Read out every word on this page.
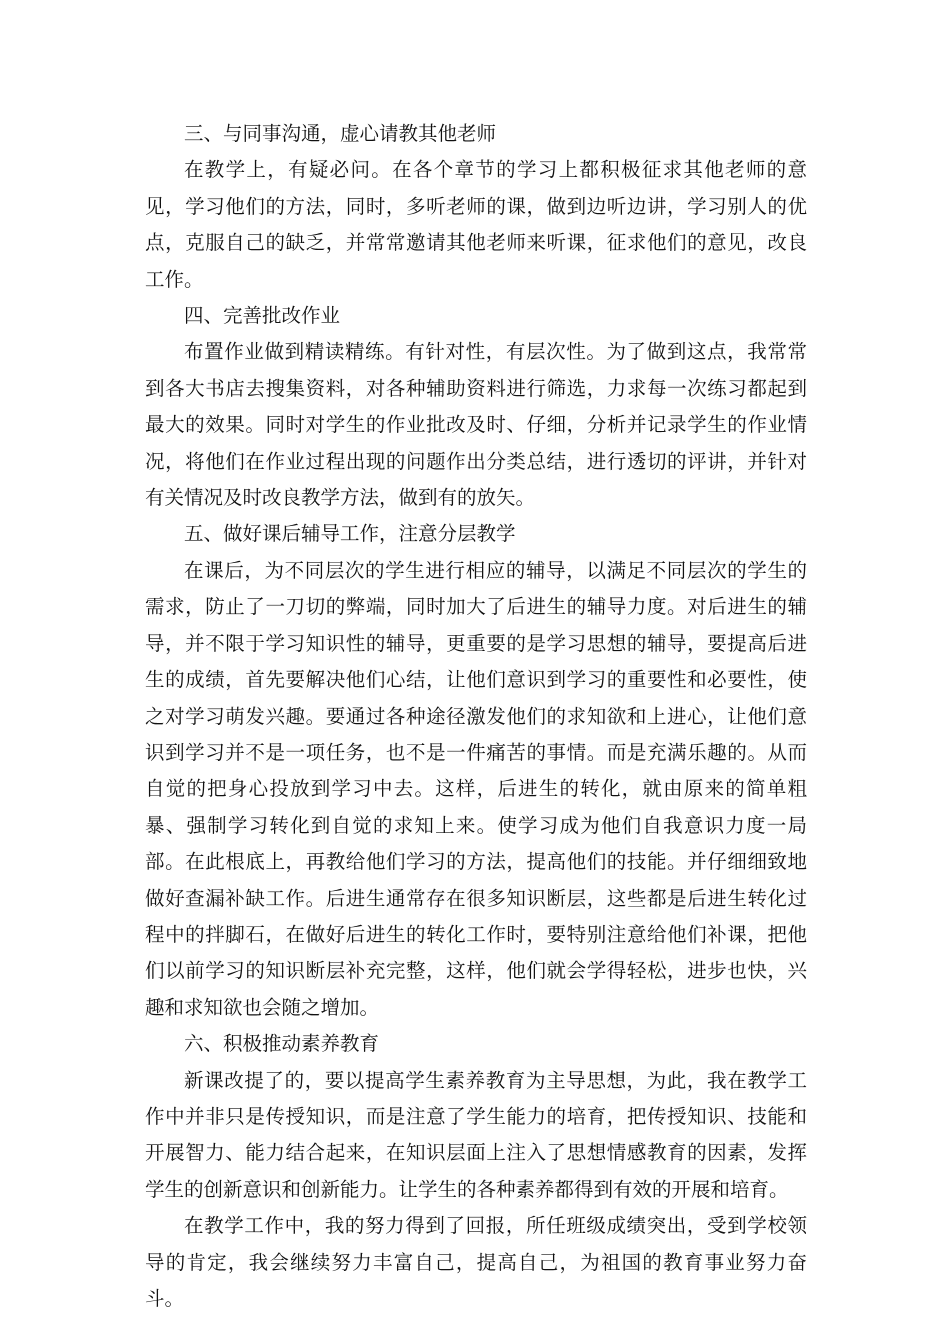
三、与同事沟通，虚心请教其他老师

在教学上，有疑必问。在各个章节的学习上都积极征求其他老师的意见，学习他们的方法，同时，多听老师的课，做到边听边讲，学习别人的优点，克服自己的缺乏，并常常邀请其他老师来听课，征求他们的意见，改良工作。

四、完善批改作业

布置作业做到精读精练。有针对性，有层次性。为了做到这点，我常常到各大书店去搜集资料，对各种辅助资料进行筛选，力求每一次练习都起到最大的效果。同时对学生的作业批改及时、仔细，分析并记录学生的作业情况，将他们在作业过程出现的问题作出分类总结，进行透切的评讲，并针对有关情况及时改良教学方法，做到有的放矢。

五、做好课后辅导工作，注意分层教学

在课后，为不同层次的学生进行相应的辅导，以满足不同层次的学生的需求，防止了一刀切的弊端，同时加大了后进生的辅导力度。对后进生的辅导，并不限于学习知识性的辅导，更重要的是学习思想的辅导，要提高后进生的成绩，首先要解决他们心结，让他们意识到学习的重要性和必要性，使之对学习萌发兴趣。要通过各种途径激发他们的求知欲和上进心，让他们意识到学习并不是一项任务，也不是一件痛苦的事情。而是充满乐趣的。从而自觉的把身心投放到学习中去。这样，后进生的转化，就由原来的简单粗暴、强制学习转化到自觉的求知上来。使学习成为他们自我意识力度一局部。在此根底上，再教给他们学习的方法，提高他们的技能。并仔细细致地做好查漏补缺工作。后进生通常存在很多知识断层，这些都是后进生转化过程中的拌脚石，在做好后进生的转化工作时，要特别注意给他们补课，把他们以前学习的知识断层补充完整，这样，他们就会学得轻松，进步也快，兴趣和求知欲也会随之增加。

六、积极推动素养教育

新课改提了的，要以提高学生素养教育为主导思想，为此，我在教学工作中并非只是传授知识，而是注意了学生能力的培育，把传授知识、技能和开展智力、能力结合起来，在知识层面上注入了思想情感教育的因素，发挥学生的创新意识和创新能力。让学生的各种素养都得到有效的开展和培育。

在教学工作中，我的努力得到了回报，所任班级成绩突出，受到学校领导的肯定，我会继续努力丰富自己，提高自己，为祖国的教育事业努力奋斗。
